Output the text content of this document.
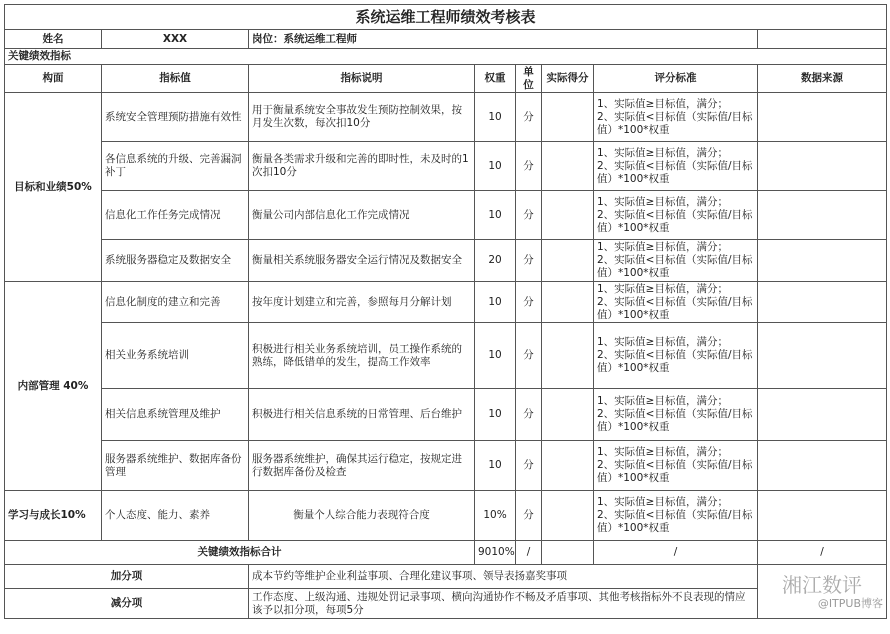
系统运维工程师绩效考核表							
姓名	XXX	岗位：系统运维工程师					
关键绩效指标							
构面	指标值	指标说明	权重	单位	实际得分	评分标准	数据来源
目标和业绩50%	系统安全管理预防措施有效性	用于衡量系统安全事故发生预防控制效果，按月发生次数，每次扣10分	10	分		1、实际值≥目标值，满分；
2、实际值<目标值（实际值/目标值）*100*权重	

	各信息系统的升级、完善漏洞补丁	衡量各类需求升级和完善的即时性，未及时的1次扣10分	10	分		1、实际值≥目标值，满分；
2、实际值<目标值（实际值/目标值）*100*权重	

	信息化工作任务完成情况	衡量公司内部信息化工作完成情况	10	分		1、实际值≥目标值，满分；
2、实际值<目标值（实际值/目标值）*100*权重	

	系统服务器稳定及数据安全	衡量相关系统服务器安全运行情况及数据安全	20	分		1、实际值≥目标值，满分；
2、实际值<目标值（实际值/目标值）*100*权重	

内部管理 40%	信息化制度的建立和完善	按年度计划建立和完善，参照每月分解计划	10	分		1、实际值≥目标值，满分；
2、实际值<目标值（实际值/目标值）*100*权重	

	相关业务系统培训	积极进行相关业务系统培训，员工操作系统的熟练，降低错单的发生，提高工作效率	10	分		1、实际值≥目标值，满分；
2、实际值<目标值（实际值/目标值）*100*权重	

	相关信息系统管理及维护	积极进行相关信息系统的日常管理、后台维护	10	分		1、实际值≥目标值，满分；
2、实际值<目标值（实际值/目标值）*100*权重	

	服务器系统维护、数据库备份管理	服务器系统维护，确保其运行稳定，按规定进行数据库备份及检查	10	分		1、实际值≥目标值，满分；
2、实际值<目标值（实际值/目标值）*100*权重	

学习与成长10%	个人态度、能力、素养	衡量个人综合能力表现符合度	10%	分		1、实际值≥目标值，满分；
2、实际值<目标值（实际值/目标值）*100*权重	

关键绩效指标合计			9010%	/		/	/
加分项		成本节约等维护企业利益事项、合理化建议事项、领导表扬嘉奖事项					湘江数评
@ITPUB博客

减分项		工作态度、上级沟通、违规处罚记录事项、横向沟通协作不畅及矛盾事项、其他考核指标外不良表现的情应该予以扣分项，每项5分					
